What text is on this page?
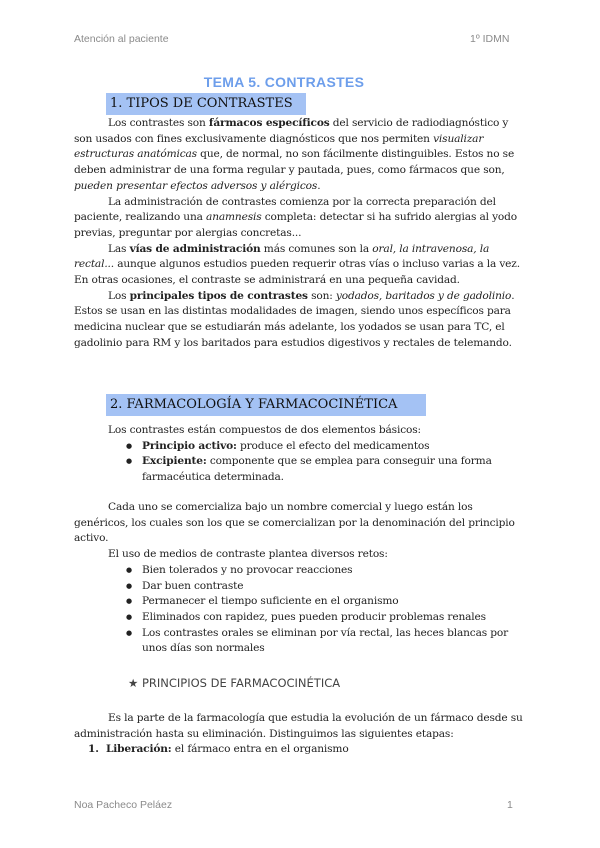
Atención al paciente	1º IDMN
TEMA 5. CONTRASTES
1. TIPOS DE CONTRASTES

Los contrastes son fármacos específicos del servicio de radiodiagnóstico y son usados con fines exclusivamente diagnósticos que nos permiten visualizar estructuras anatómicas que, de normal, no son fácilmente distinguibles. Estos no se deben administrar de una forma regular y pautada, pues, como fármacos que son, pueden presentar efectos adversos y alérgicos.

La administración de contrastes comienza por la correcta preparación del paciente, realizando una anamnesis completa: detectar si ha sufrido alergias al yodo previas, preguntar por alergias concretas...

Las vías de administración más comunes son la oral, la intravenosa, la rectal... aunque algunos estudios pueden requerir otras vías o incluso varias a la vez. En otras ocasiones, el contraste se administrará en una pequeña cavidad.

Los principales tipos de contrastes son: yodados, baritados y de gadolinio. Estos se usan en las distintas modalidades de imagen, siendo unos específicos para medicina nuclear que se estudiarán más adelante, los yodados se usan para TC, el gadolinio para RM y los baritados para estudios digestivos y rectales de telemando.

2. FARMACOLOGÍA Y FARMACOCINÉTICA

Los contrastes están compuestos de dos elementos básicos:

● Principio activo: produce el efecto del medicamentos
● Excipiente: componente que se emplea para conseguir una forma farmacéutica determinada.

Cada uno se comercializa bajo un nombre comercial y luego están los genéricos, los cuales son los que se comercializan por la denominación del principio activo.

El uso de medios de contraste plantea diversos retos:

● Bien tolerados y no provocar reacciones
● Dar buen contraste
● Permanecer el tiempo suficiente en el organismo
● Eliminados con rapidez, pues pueden producir problemas renales
● Los contrastes orales se eliminan por vía rectal, las heces blancas por unos días son normales
★ PRINCIPIOS DE FARMACOCINÉTICA

Es la parte de la farmacología que estudia la evolución de un fármaco desde su administración hasta su eliminación. Distinguimos las siguientes etapas:

1. Liberación: el fármaco entra en el organismo
Noa Pacheco Peláez	1
